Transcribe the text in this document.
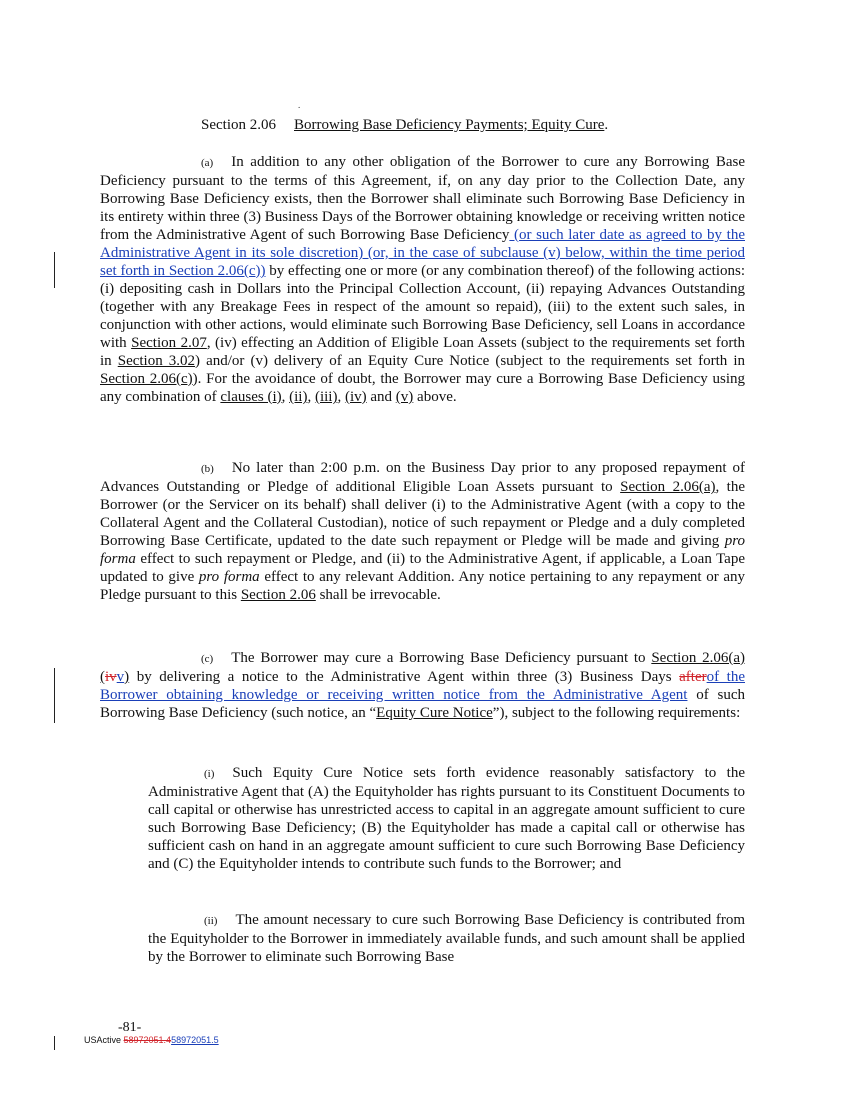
.
Section 2.06 Borrowing Base Deficiency Payments; Equity Cure.

(a) In addition to any other obligation of the Borrower to cure any Borrowing Base Deficiency pursuant to the terms of this Agreement, if, on any day prior to the Collection Date, any Borrowing Base Deficiency exists, then the Borrower shall eliminate such Borrowing Base Deficiency in its entirety within three (3) Business Days of the Borrower obtaining knowledge or receiving written notice from the Administrative Agent of such Borrowing Base Deficiency (or such later date as agreed to by the Administrative Agent in its sole discretion) (or, in the case of subclause (v) below, within the time period set forth in Section 2.06(c)) by effecting one or more (or any combination thereof) of the following actions: (i) depositing cash in Dollars into the Principal Collection Account, (ii) repaying Advances Outstanding (together with any Breakage Fees in respect of the amount so repaid), (iii) to the extent such sales, in conjunction with other actions, would eliminate such Borrowing Base Deficiency, sell Loans in accordance with Section 2.07, (iv) effecting an Addition of Eligible Loan Assets (subject to the requirements set forth in Section 3.02) and/or (v) delivery of an Equity Cure Notice (subject to the requirements set forth in Section 2.06(c)). For the avoidance of doubt, the Borrower may cure a Borrowing Base Deficiency using any combination of clauses (i), (ii), (iii), (iv) and (v) above.

(b) No later than 2:00 p.m. on the Business Day prior to any proposed repayment of Advances Outstanding or Pledge of additional Eligible Loan Assets pursuant to Section 2.06(a), the Borrower (or the Servicer on its behalf) shall deliver (i) to the Administrative Agent (with a copy to the Collateral Agent and the Collateral Custodian), notice of such repayment or Pledge and a duly completed Borrowing Base Certificate, updated to the date such repayment or Pledge will be made and giving pro forma effect to such repayment or Pledge, and (ii) to the Administrative Agent, if applicable, a Loan Tape updated to give pro forma effect to any relevant Addition. Any notice pertaining to any repayment or any Pledge pursuant to this Section 2.06 shall be irrevocable.

(c) The Borrower may cure a Borrowing Base Deficiency pursuant to Section 2.06(a)(ivv) by delivering a notice to the Administrative Agent within three (3) Business Days afterof the Borrower obtaining knowledge or receiving written notice from the Administrative Agent of such Borrowing Base Deficiency (such notice, an “Equity Cure Notice”), subject to the following requirements:

(i) Such Equity Cure Notice sets forth evidence reasonably satisfactory to the Administrative Agent that (A) the Equityholder has rights pursuant to its Constituent Documents to call capital or otherwise has unrestricted access to capital in an aggregate amount sufficient to cure such Borrowing Base Deficiency; (B) the Equityholder has made a capital call or otherwise has sufficient cash on hand in an aggregate amount sufficient to cure such Borrowing Base Deficiency and (C) the Equityholder intends to contribute such funds to the Borrower; and

(ii) The amount necessary to cure such Borrowing Base Deficiency is contributed from the Equityholder to the Borrower in immediately available funds, and such amount shall be applied by the Borrower to eliminate such Borrowing Base

-81-
USActive 58972051.458972051.5
